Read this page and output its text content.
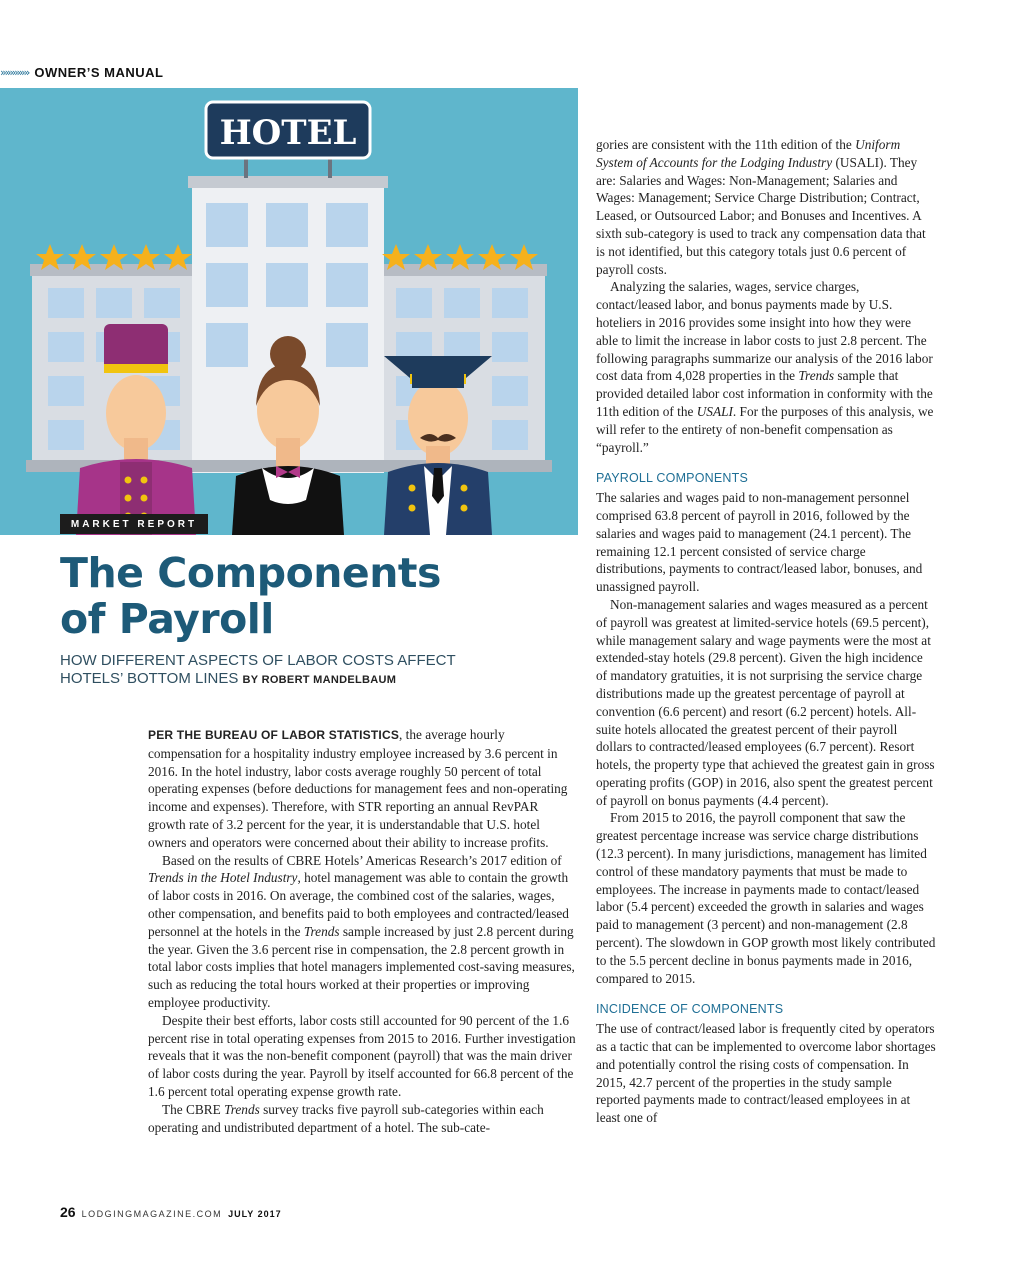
»»»»»» OWNER’S MANUAL
HOTEL
MARKET REPORT
The Components
of Payroll
HOW DIFFERENT ASPECTS OF LABOR COSTS AFFECT
HOTELS’ BOTTOM LINES BY ROBERT MANDELBAUM

PER THE BUREAU OF LABOR STATISTICS, the average hourly compensation for a hospitality industry employee increased by 3.6 percent in 2016. In the hotel industry, labor costs average roughly 50 percent of total operating expenses (before deductions for management fees and non-operating income and expenses). Therefore, with STR reporting an annual RevPAR growth rate of 3.2 percent for the year, it is understandable that U.S. hotel owners and operators were concerned about their ability to increase profits.

Based on the results of CBRE Hotels’ Americas Research’s 2017 edition of Trends in the Hotel Industry, hotel management was able to contain the growth of labor costs in 2016. On average, the combined cost of the salaries, wages, other compensation, and benefits paid to both employees and contracted/leased personnel at the hotels in the Trends sample increased by just 2.8 percent during the year. Given the 3.6 percent rise in compensation, the 2.8 percent growth in total labor costs implies that hotel managers implemented cost-saving measures, such as reducing the total hours worked at their properties or improving employee productivity.

Despite their best efforts, labor costs still accounted for 90 percent of the 1.6 percent rise in total operating expenses from 2015 to 2016. Further investigation reveals that it was the non-benefit component (payroll) that was the main driver of labor costs during the year. Payroll by itself accounted for 66.8 percent of the 1.6 percent total operating expense growth rate.

The CBRE Trends survey tracks five payroll sub-categories within each operating and undistributed department of a hotel. The sub-cate-

gories are consistent with the 11th edition of the Uniform System of Accounts for the Lodging Industry (USALI). They are: Salaries and Wages: Non-Management; Salaries and Wages: Management; Service Charge Distribution; Contract, Leased, or Outsourced Labor; and Bonuses and Incentives. A sixth sub-category is used to track any compensation data that is not identified, but this category totals just 0.6 percent of payroll costs.

Analyzing the salaries, wages, service charges, contact/leased labor, and bonus payments made by U.S. hoteliers in 2016 provides some insight into how they were able to limit the increase in labor costs to just 2.8 percent. The following paragraphs summarize our analysis of the 2016 labor cost data from 4,028 properties in the Trends sample that provided detailed labor cost information in conformity with the 11th edition of the USALI. For the purposes of this analysis, we will refer to the entirety of non-benefit compensation as “payroll.”

PAYROLL COMPONENTS

The salaries and wages paid to non-management personnel comprised 63.8 percent of payroll in 2016, followed by the salaries and wages paid to management (24.1 percent). The remaining 12.1 percent consisted of service charge distributions, payments to contract/leased labor, bonuses, and unassigned payroll.

Non-management salaries and wages measured as a percent of payroll was greatest at limited-service hotels (69.5 percent), while management salary and wage payments were the most at extended-stay hotels (29.8 percent). Given the high incidence of mandatory gratuities, it is not surprising the service charge distributions made up the greatest percentage of payroll at convention (6.6 percent) and resort (6.2 percent) hotels. All-suite hotels allocated the greatest percent of their payroll dollars to contracted/leased employees (6.7 percent). Resort hotels, the property type that achieved the greatest gain in gross operating profits (GOP) in 2016, also spent the greatest percent of payroll on bonus payments (4.4 percent).

From 2015 to 2016, the payroll component that saw the greatest percentage increase was service charge distributions (12.3 percent). In many jurisdictions, management has limited control of these mandatory payments that must be made to employees. The increase in payments made to contact/leased labor (5.4 percent) exceeded the growth in salaries and wages paid to management (3 percent) and non-management (2.8 percent). The slowdown in GOP growth most likely contributed to the 5.5 percent decline in bonus payments made in 2016, compared to 2015.

INCIDENCE OF COMPONENTS

The use of contract/leased labor is frequently cited by operators as a tactic that can be implemented to overcome labor shortages and potentially control the rising costs of compensation. In 2015, 42.7 percent of the properties in the study sample reported payments made to contract/leased employees in at least one of

26 LODGINGMAGAZINE.COM JULY 2017
